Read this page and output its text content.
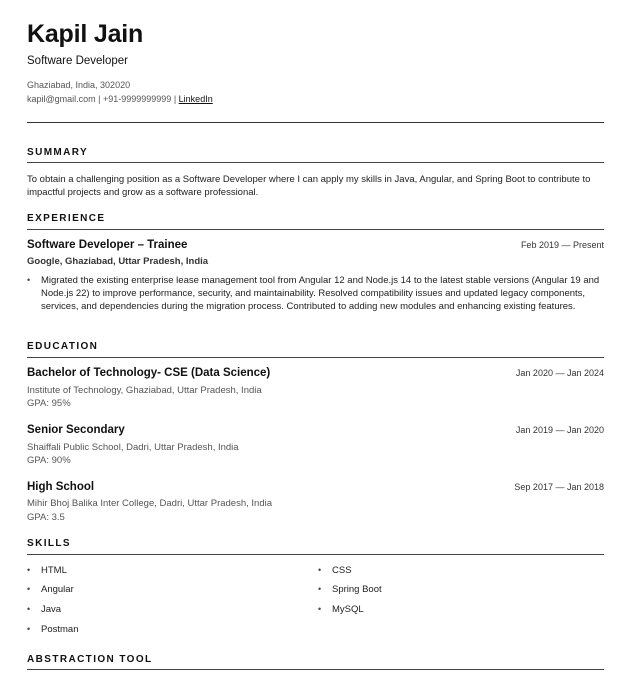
Kapil Jain
Software Developer
Ghaziabad, India, 302020
kapil@gmail.com | +91-9999999999 | LinkedIn
SUMMARY
To obtain a challenging position as a Software Developer where I can apply my skills in Java, Angular, and Spring Boot to contribute to impactful projects and grow as a software professional.
EXPERIENCE
Software Developer – Trainee	Feb 2019 — Present
Google, Ghaziabad, Uttar Pradesh, India
•	Migrated the existing enterprise lease management tool from Angular 12 and Node.js 14 to the latest stable versions (Angular 19 and Node.js 22) to improve performance, security, and maintainability. Resolved compatibility issues and updated legacy components, services, and dependencies during the migration process. Contributed to adding new modules and enhancing existing features.
EDUCATION
Bachelor of Technology- CSE (Data Science)	Jan 2020 — Jan 2024
Institute of Technology, Ghaziabad, Uttar Pradesh, India
GPA: 95%
Senior Secondary	Jan 2019 — Jan 2020
Shaiffali Public School, Dadri, Uttar Pradesh, India
GPA: 90%
High School	Sep 2017 — Jan 2018
Mihir Bhoj Balika Inter College, Dadri, Uttar Pradesh, India
GPA: 3.5
SKILLS
•	HTML
•	Angular
•	Java
•	Postman
•	CSS
•	Spring Boot
•	MySQL
ABSTRACTION TOOL
